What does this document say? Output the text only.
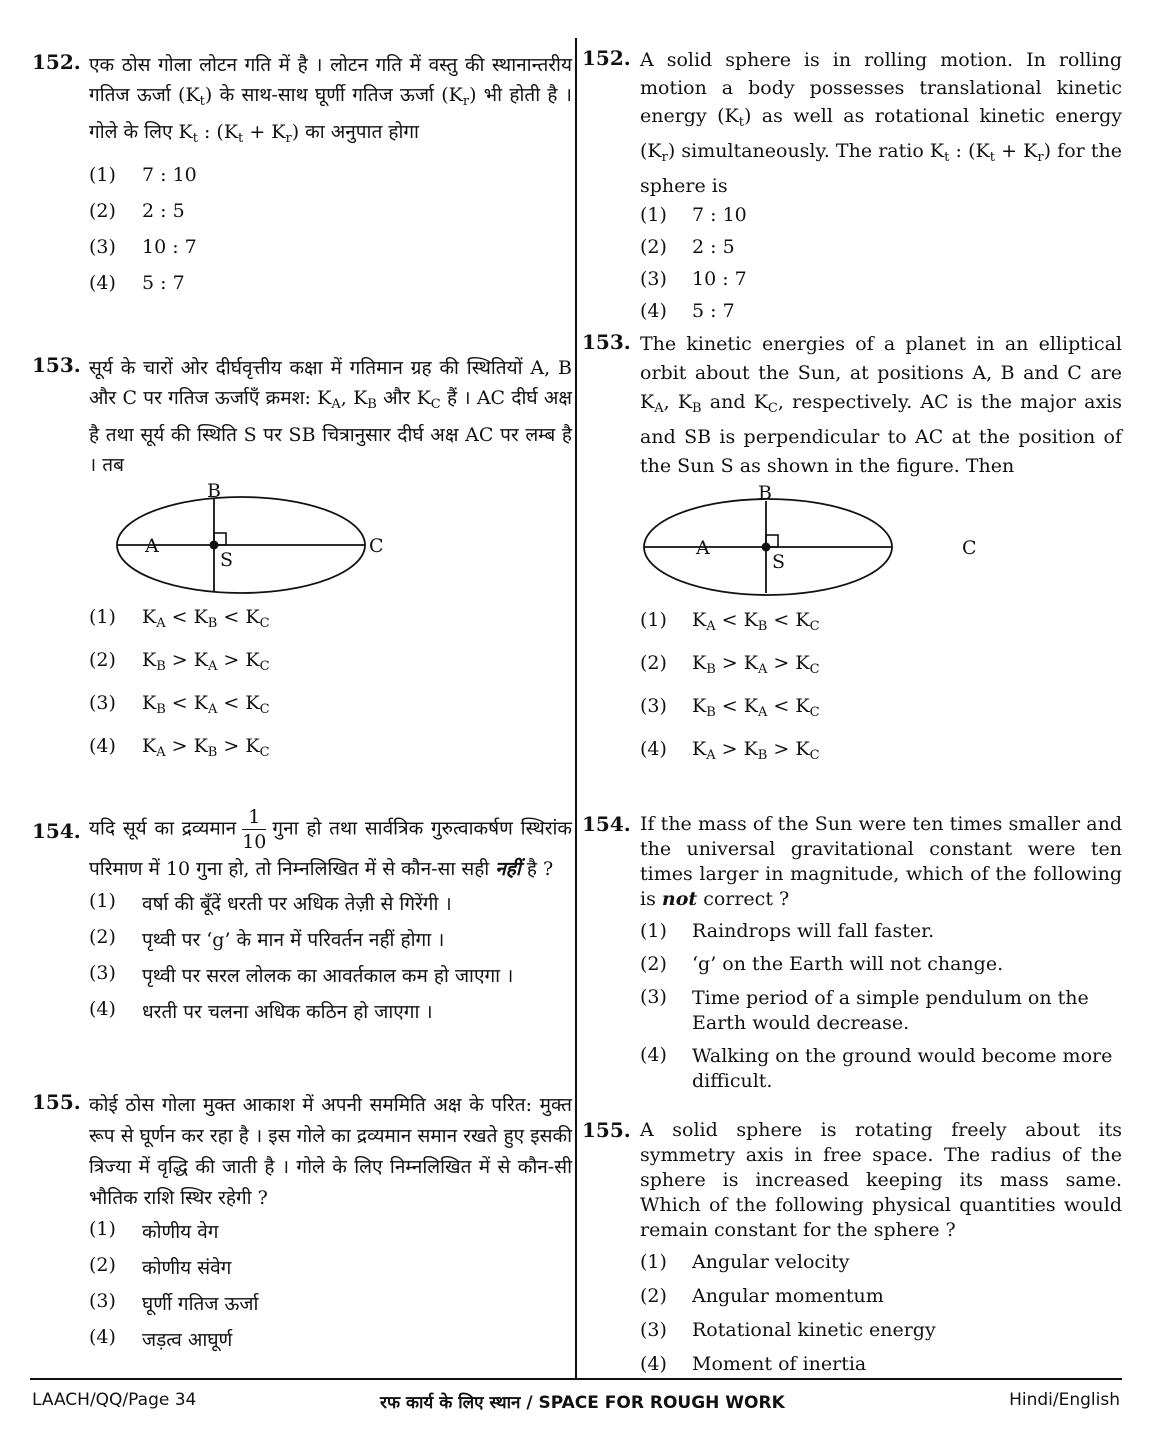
152. एक ठोस गोला लोटन गति में है । लोटन गति में वस्तु की स्थानान्तरीय गतिज ऊर्जा $(K_t)$ के साथ-साथ घूर्णी गतिज ऊर्जा $(K_r)$ भी होती है । गोले के लिए $K_t$ : $(K_t + K_r)$ का अनुपात होगा
(1) 7 : 10
(2) 2 : 5
(3) 10 : 7
(4) 5 : 7
153. सूर्य के चारों ओर दीर्घवृत्तीय कक्षा में गतिमान ग्रह की स्थितियों A, B और C पर गतिज ऊर्जाएँ क्रमश: $K_A$, $K_B$ और $K_C$ हैं । AC दीर्घ अक्ष है तथा सूर्य की स्थिति S पर SB चित्रानुसार दीर्घ अक्ष AC पर लम्ब है । तब
B
A	C
S
(1) $K_A < K_B < K_C$
(2) $K_B > K_A > K_C$
(3) $K_B < K_A < K_C$
(4) $K_A > K_B > K_C$
154. यदि सूर्य का द्रव्यमान $\frac{1}{10}$ गुना हो तथा सार्वत्रिक गुरुत्वाकर्षण स्थिरांक परिमाण में 10 गुना हो, तो निम्नलिखित में से कौन-सा सही नहीं है ?
(1) वर्षा की बूँदें धरती पर अधिक तेज़ी से गिरेंगी ।
(2) पृथ्वी पर ‘g’ के मान में परिवर्तन नहीं होगा ।
(3) पृथ्वी पर सरल लोलक का आवर्तकाल कम हो जाएगा ।
(4) धरती पर चलना अधिक कठिन हो जाएगा ।
155. कोई ठोस गोला मुक्त आकाश में अपनी सममिति अक्ष के परित: मुक्त रूप से घूर्णन कर रहा है । इस गोले का द्रव्यमान समान रखते हुए इसकी त्रिज्या में वृद्धि की जाती है । गोले के लिए निम्नलिखित में से कौन-सी भौतिक राशि स्थिर रहेगी ?
(1) कोणीय वेग
(2) कोणीय संवेग
(3) घूर्णी गतिज ऊर्जा
(4) जड़त्व आघूर्ण
152. A solid sphere is in rolling motion. In rolling motion a body possesses translational kinetic energy $(K_t)$ as well as rotational kinetic energy $(K_r)$ simultaneously. The ratio $K_t$ : $(K_t + K_r)$ for the sphere is
(1) 7 : 10
(2) 2 : 5
(3) 10 : 7
(4) 5 : 7
153. The kinetic energies of a planet in an elliptical orbit about the Sun, at positions A, B and C are $K_A$, $K_B$ and $K_C$, respectively. AC is the major axis and SB is perpendicular to AC at the position of the Sun S as shown in the figure. Then
B
A	C
S
(1) $K_A < K_B < K_C$
(2) $K_B > K_A > K_C$
(3) $K_B < K_A < K_C$
(4) $K_A > K_B > K_C$
154. If the mass of the Sun were ten times smaller and the universal gravitational constant were ten times larger in magnitude, which of the following is not correct ?
(1) Raindrops will fall faster.
(2) ‘g’ on the Earth will not change.
(3) Time period of a simple pendulum on the Earth would decrease.
(4) Walking on the ground would become more difficult.
155. A solid sphere is rotating freely about its symmetry axis in free space. The radius of the sphere is increased keeping its mass same. Which of the following physical quantities would remain constant for the sphere ?
(1) Angular velocity
(2) Angular momentum
(3) Rotational kinetic energy
(4) Moment of inertia
LAACH/QQ/Page 34	रफ कार्य के लिए स्थान / SPACE FOR ROUGH WORK	Hindi/English
